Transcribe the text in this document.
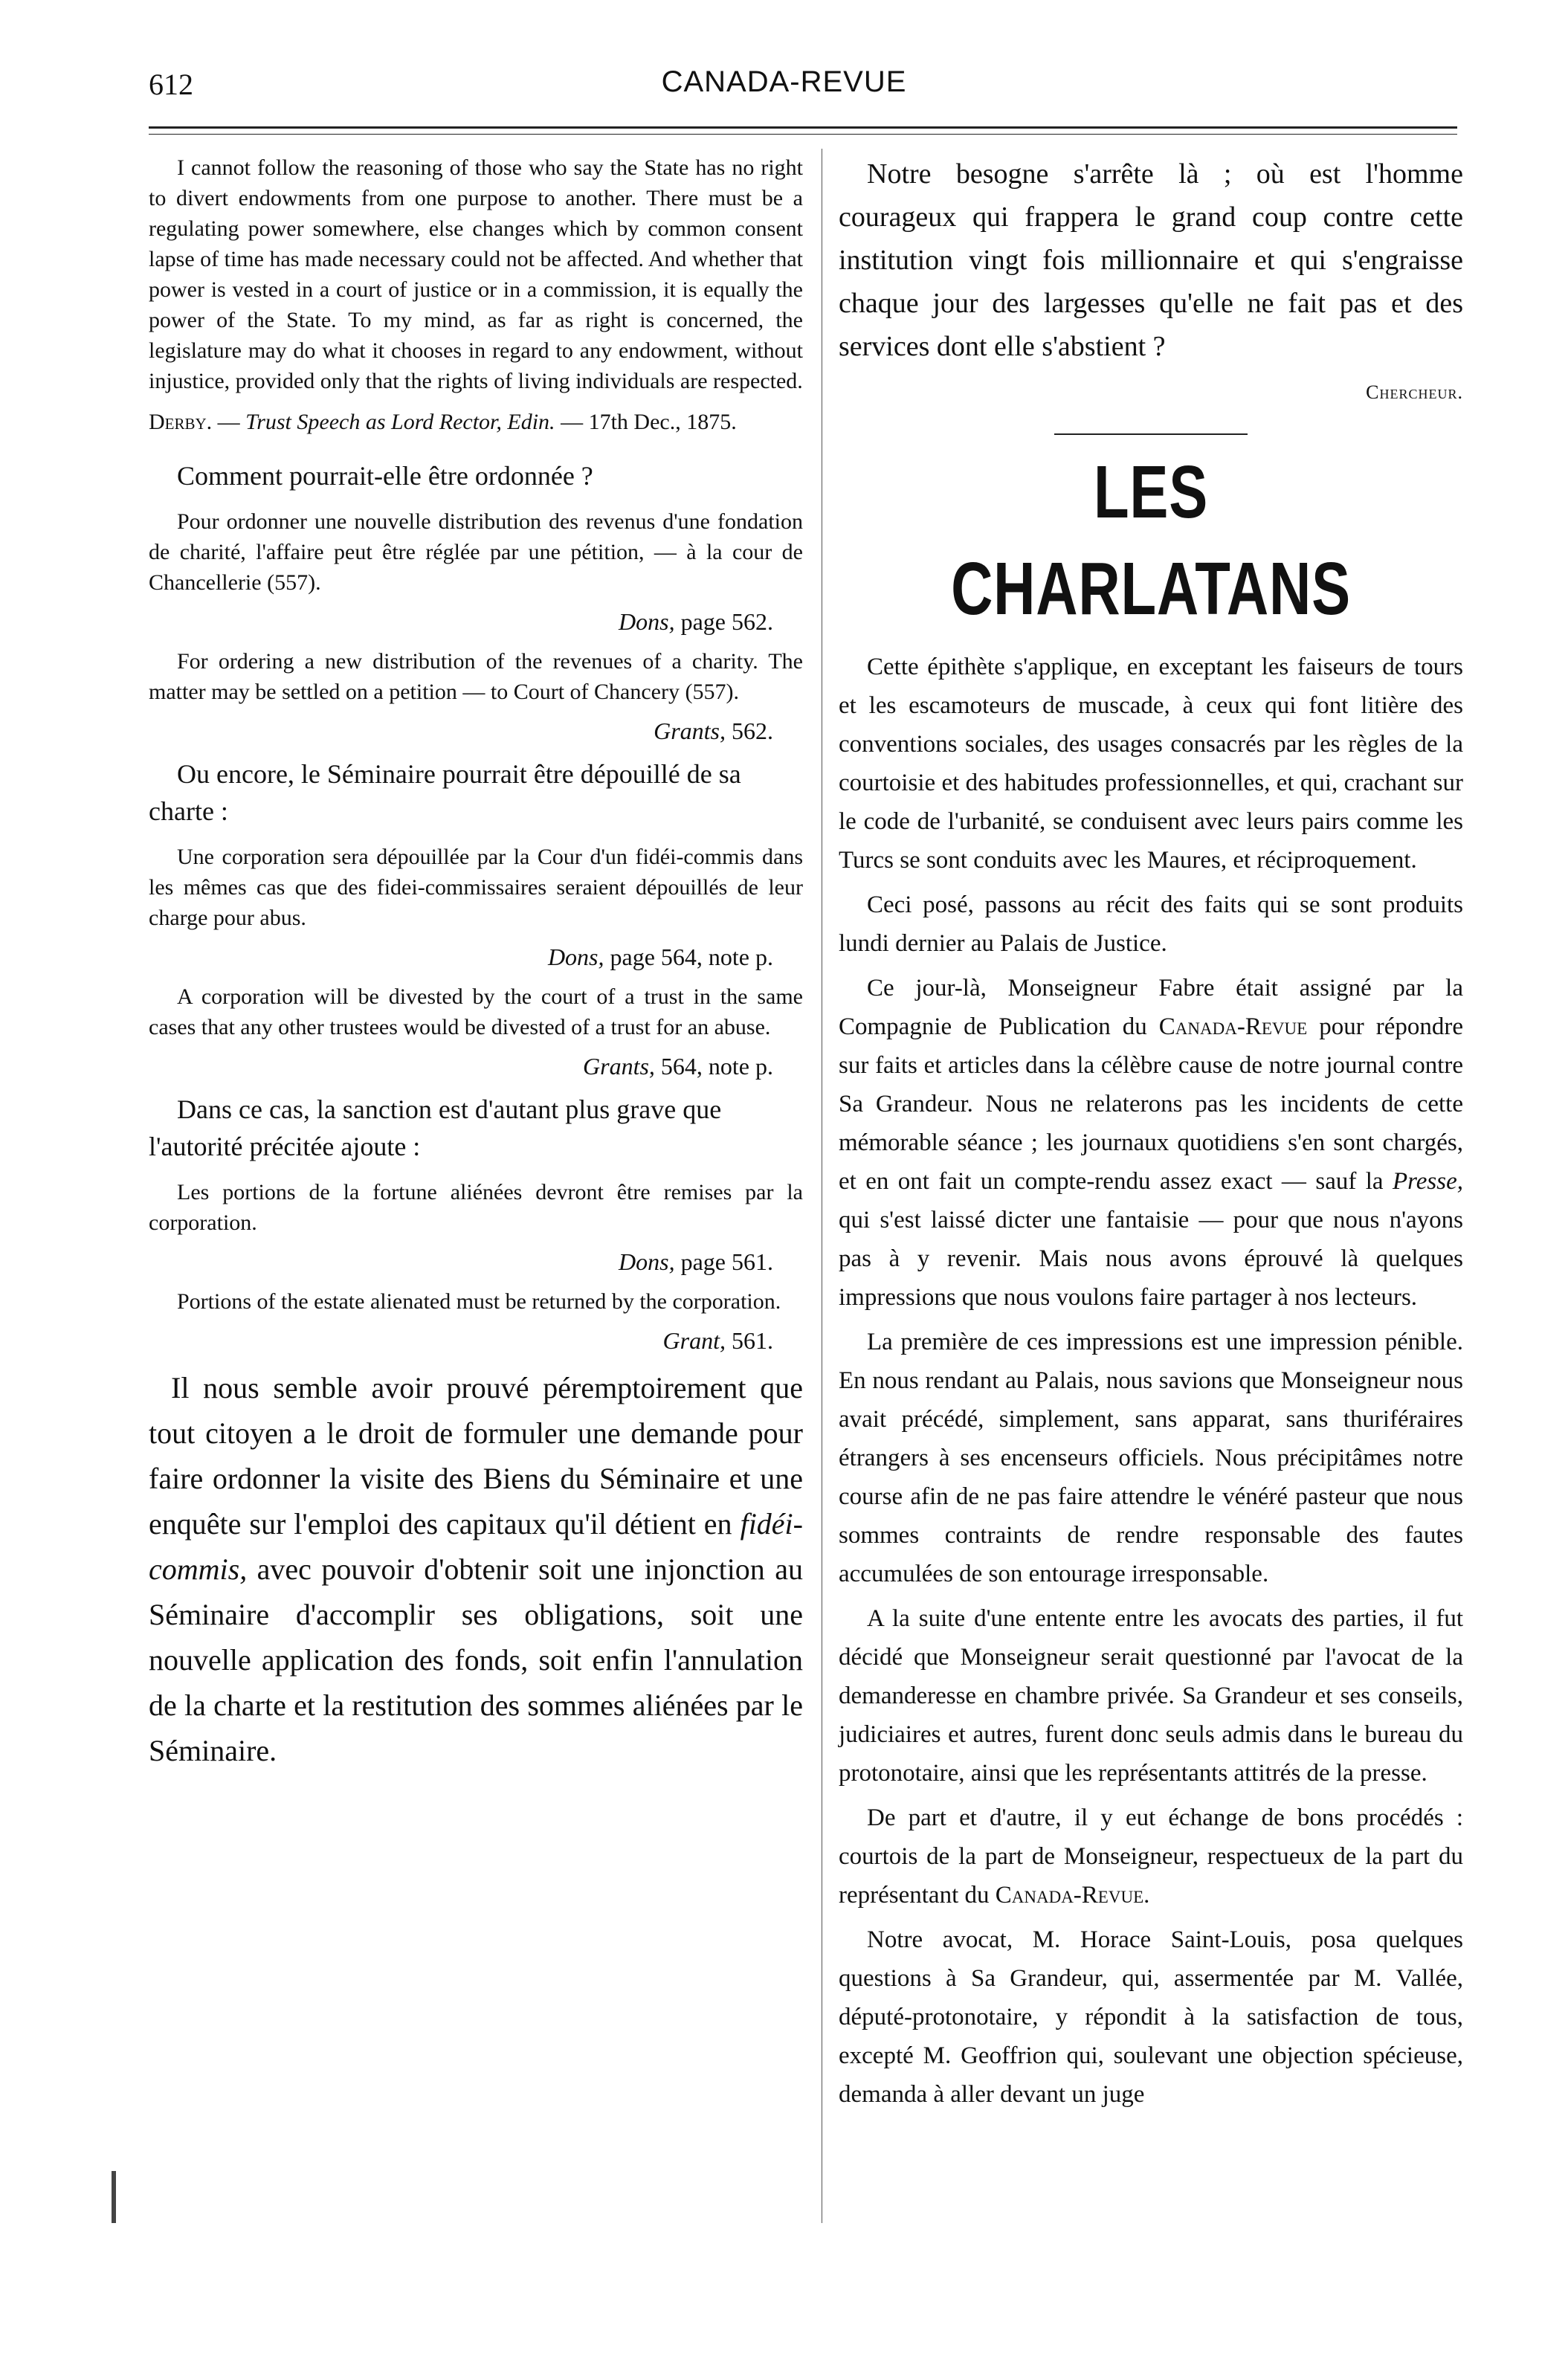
612	CANADA-REVUE

I cannot follow the reasoning of those who say the State has no right to divert endowments from one purpose to another. There must be a regulating power somewhere, else changes which by common consent lapse of time has made necessary could not be affected. And whether that power is vested in a court of justice or in a commission, it is equally the power of the State. To my mind, as far as right is concerned, the legislature may do what it chooses in regard to any endowment, without injustice, provided only that the rights of living individuals are respected.

Derby. — Trust Speech as Lord Rector, Edin. — 17th Dec., 1875.

Comment pourrait-elle être ordonnée ?

Pour ordonner une nouvelle distribution des revenus d'une fondation de charité, l'affaire peut être réglée par une pétition, — à la cour de Chancellerie (557).

Dons, page 562.

For ordering a new distribution of the revenues of a charity. The matter may be settled on a petition — to Court of Chancery (557).

Grants, 562.

Ou encore, le Séminaire pourrait être dépouillé de sa charte :

Une corporation sera dépouillée par la Cour d'un fidéi-commis dans les mêmes cas que des fidei-commissaires seraient dépouillés de leur charge pour abus.

Dons, page 564, note p.

A corporation will be divested by the court of a trust in the same cases that any other trustees would be divested of a trust for an abuse.

Grants, 564, note p.

Dans ce cas, la sanction est d'autant plus grave que l'autorité précitée ajoute :

Les portions de la fortune aliénées devront être remises par la corporation.

Dons, page 561.

Portions of the estate alienated must be returned by the corporation.

Grant, 561.

Il nous semble avoir prouvé péremptoirement que tout citoyen a le droit de formuler une demande pour faire ordonner la visite des Biens du Séminaire et une enquête sur l'emploi des capitaux qu'il détient en fidéi-commis, avec pouvoir d'obtenir soit une injonction au Séminaire d'accomplir ses obligations, soit une nouvelle application des fonds, soit enfin l'annulation de la charte et la restitution des sommes aliénées par le Séminaire.

Notre besogne s'arrête là ; où est l'homme courageux qui frappera le grand coup contre cette institution vingt fois millionnaire et qui s'engraisse chaque jour des largesses qu'elle ne fait pas et des services dont elle s'abstient ?

Chercheur.

LES CHARLATANS

Cette épithète s'applique, en exceptant les faiseurs de tours et les escamoteurs de muscade, à ceux qui font litière des conventions sociales, des usages consacrés par les règles de la courtoisie et des habitudes professionnelles, et qui, crachant sur le code de l'urbanité, se conduisent avec leurs pairs comme les Turcs se sont conduits avec les Maures, et réciproquement.

Ceci posé, passons au récit des faits qui se sont produits lundi dernier au Palais de Justice.

Ce jour-là, Monseigneur Fabre était assigné par la Compagnie de Publication du Canada-Revue pour répondre sur faits et articles dans la célèbre cause de notre journal contre Sa Grandeur. Nous ne relaterons pas les incidents de cette mémorable séance ; les journaux quotidiens s'en sont chargés, et en ont fait un compte-rendu assez exact — sauf la Presse, qui s'est laissé dicter une fantaisie — pour que nous n'ayons pas à y revenir. Mais nous avons éprouvé là quelques impressions que nous voulons faire partager à nos lecteurs.

La première de ces impressions est une impression pénible. En nous rendant au Palais, nous savions que Monseigneur nous avait précédé, simplement, sans apparat, sans thuriféraires étrangers à ses encenseurs officiels. Nous précipitâmes notre course afin de ne pas faire attendre le vénéré pasteur que nous sommes contraints de rendre responsable des fautes accumulées de son entourage irresponsable.

A la suite d'une entente entre les avocats des parties, il fut décidé que Monseigneur serait questionné par l'avocat de la demanderesse en chambre privée. Sa Grandeur et ses conseils, judiciaires et autres, furent donc seuls admis dans le bureau du protonotaire, ainsi que les représentants attitrés de la presse.

De part et d'autre, il y eut échange de bons procédés : courtois de la part de Monseigneur, respectueux de la part du représentant du Canada-Revue.

Notre avocat, M. Horace Saint-Louis, posa quelques questions à Sa Grandeur, qui, assermentée par M. Vallée, député-protonotaire, y répondit à la satisfaction de tous, excepté M. Geoffrion qui, soulevant une objection spécieuse, demanda à aller devant un juge
